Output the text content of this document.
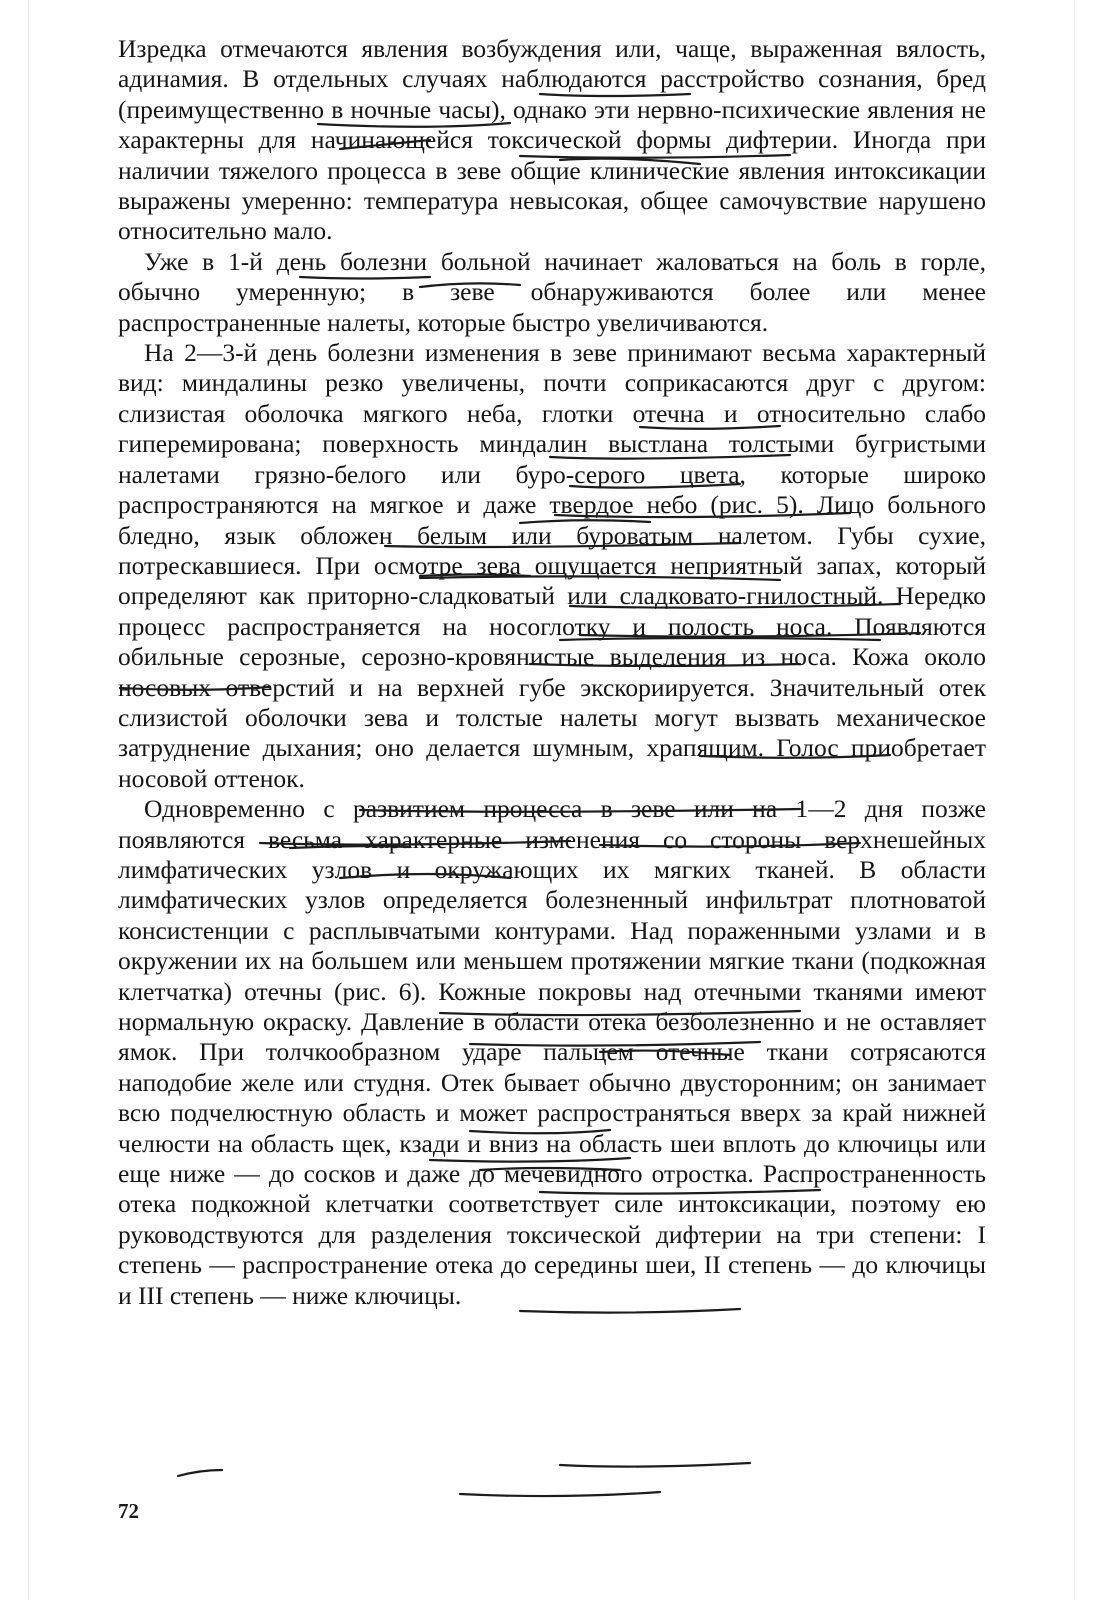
Изредка отмечаются явления возбуждения или, чаще, выраженная вялость, адинамия. В отдельных случаях наблюдаются расстройство сознания, бред (преимущественно в ночные часы), однако эти нервно-психические явления не характерны для начинающейся токсической формы дифтерии. Иногда при наличии тяжелого процесса в зеве общие клинические явления интоксикации выражены умеренно: температура невысокая, общее самочувствие нарушено относительно мало.

Уже в 1-й день болезни больной начинает жаловаться на боль в горле, обычно умеренную; в зеве обнаруживаются более или менее распространенные налеты, которые быстро увеличиваются.

На 2—3-й день болезни изменения в зеве принимают весьма характерный вид: миндалины резко увеличены, почти соприкасаются друг с другом: слизистая оболочка мягкого неба, глотки отечна и относительно слабо гиперемирована; поверхность миндалин выстлана толстыми бугристыми налетами грязно-белого или буро-серого цвета, которые широко распространяются на мягкое и даже твердое небо (рис. 5). Лицо больного бледно, язык обложен белым или буроватым налетом. Губы сухие, потрескавшиеся. При осмотре зева ощущается неприятный запах, который определяют как приторно-сладковатый или сладковато-гнилостный. Нередко процесс распространяется на носоглотку и полость носа. Появляются обильные серозные, серозно-кровянистые выделения из носа. Кожа около носовых отверстий и на верхней губе экскориируется. Значительный отек слизистой оболочки зева и толстые налеты могут вызвать механическое затруднение дыхания; оно делается шумным, храпящим. Голос приобретает носовой оттенок.

Одновременно с развитием процесса в зеве или на 1—2 дня позже появляются весьма характерные изменения со стороны верхнешейных лимфатических узлов и окружающих их мягких тканей. В области лимфатических узлов определяется болезненный инфильтрат плотноватой консистенции с расплывчатыми контурами. Над пораженными узлами и в окружении их на большем или меньшем протяжении мягкие ткани (подкожная клетчатка) отечны (рис. 6). Кожные покровы над отечными тканями имеют нормальную окраску. Давление в области отека безболезненно и не оставляет ямок. При толчкообразном ударе пальцем отечные ткани сотрясаются наподобие желе или студня. Отек бывает обычно двусторонним; он занимает всю подчелюстную область и может распространяться вверх за край нижней челюсти на область щек, кзади и вниз на область шеи вплоть до ключицы или еще ниже — до сосков и даже до мечевидного отростка. Распространенность отека подкожной клетчатки соответствует силе интоксикации, поэтому ею руководствуются для разделения токсической дифтерии на три степени: I степень — распространение отека до середины шеи, II степень — до ключицы и III степень — ниже ключицы.

72
